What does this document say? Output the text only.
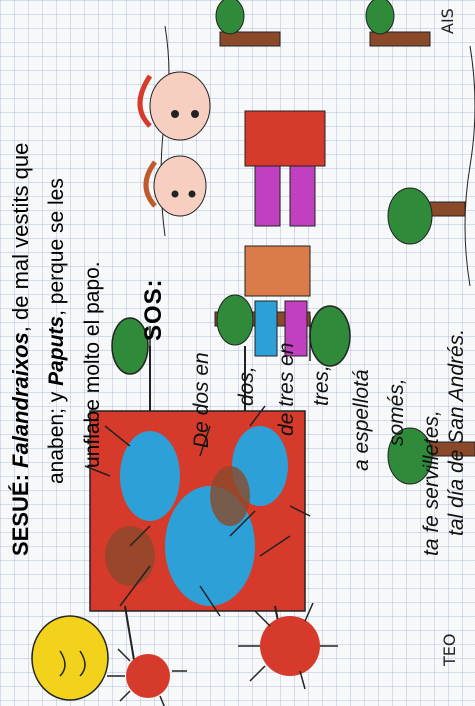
SESUÉ: Falandraixos, de mal vestits que
anaben; y Paputs, perque se les
unflabe molto el papo. SOS:
De dos en dos, de tres en tres, a espellotá somés, ta fe servilletes, tal día de San Andrés.
TEO
AIS
